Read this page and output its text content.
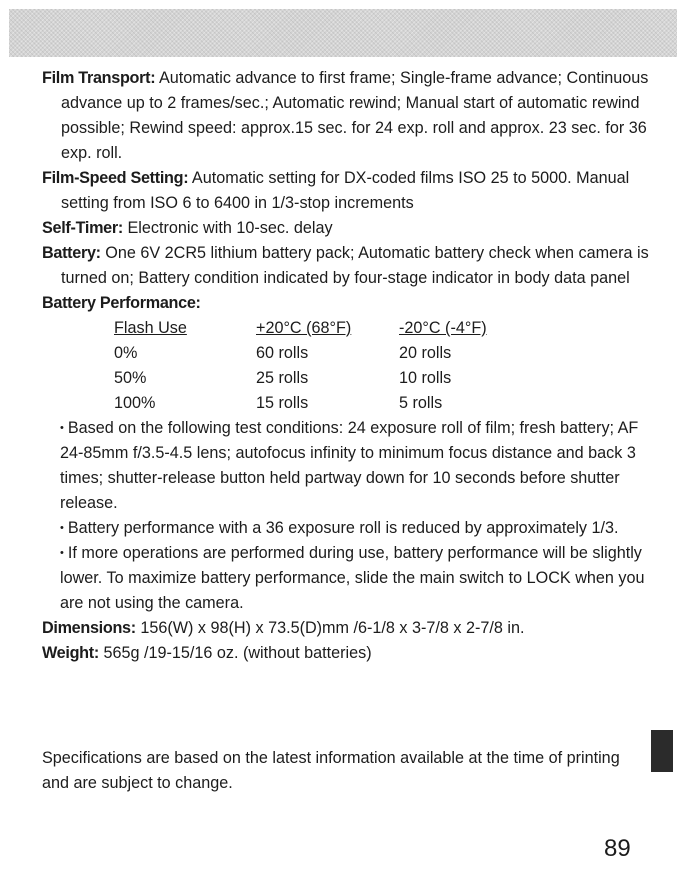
Film Transport: Automatic advance to first frame; Single-frame advance; Continuous advance up to 2 frames/sec.; Automatic rewind; Manual start of automatic rewind possible; Rewind speed: approx.15 sec. for 24 exp. roll and approx. 23 sec. for 36 exp. roll.

Film-Speed Setting: Automatic setting for DX-coded films ISO 25 to 5000. Manual setting from ISO 6 to 6400 in 1/3-stop increments

Self-Timer: Electronic with 10-sec. delay

Battery: One 6V 2CR5 lithium battery pack; Automatic battery check when camera is turned on; Battery condition indicated by four-stage indicator in body data panel

Battery Performance:

Flash Use	+20°C (68°F)	-20°C (-4°F)
0%	60 rolls	20 rolls
50%	25 rolls	10 rolls
100%	15 rolls	5 rolls

• Based on the following test conditions: 24 exposure roll of film; fresh battery; AF 24-85mm f/3.5-4.5 lens; autofocus infinity to minimum focus distance and back 3 times; shutter-release button held partway down for 10 seconds before shutter release.

• Battery performance with a 36 exposure roll is reduced by approximately 1/3.

• If more operations are performed during use, battery performance will be slightly lower. To maximize battery performance, slide the main switch to LOCK when you are not using the camera.

Dimensions: 156(W) x 98(H) x 73.5(D)mm /6-1/8 x 3-7/8 x 2-7/8 in.

Weight: 565g /19-15/16 oz. (without batteries)

Specifications are based on the latest information available at the time of printing and are subject to change.

89
